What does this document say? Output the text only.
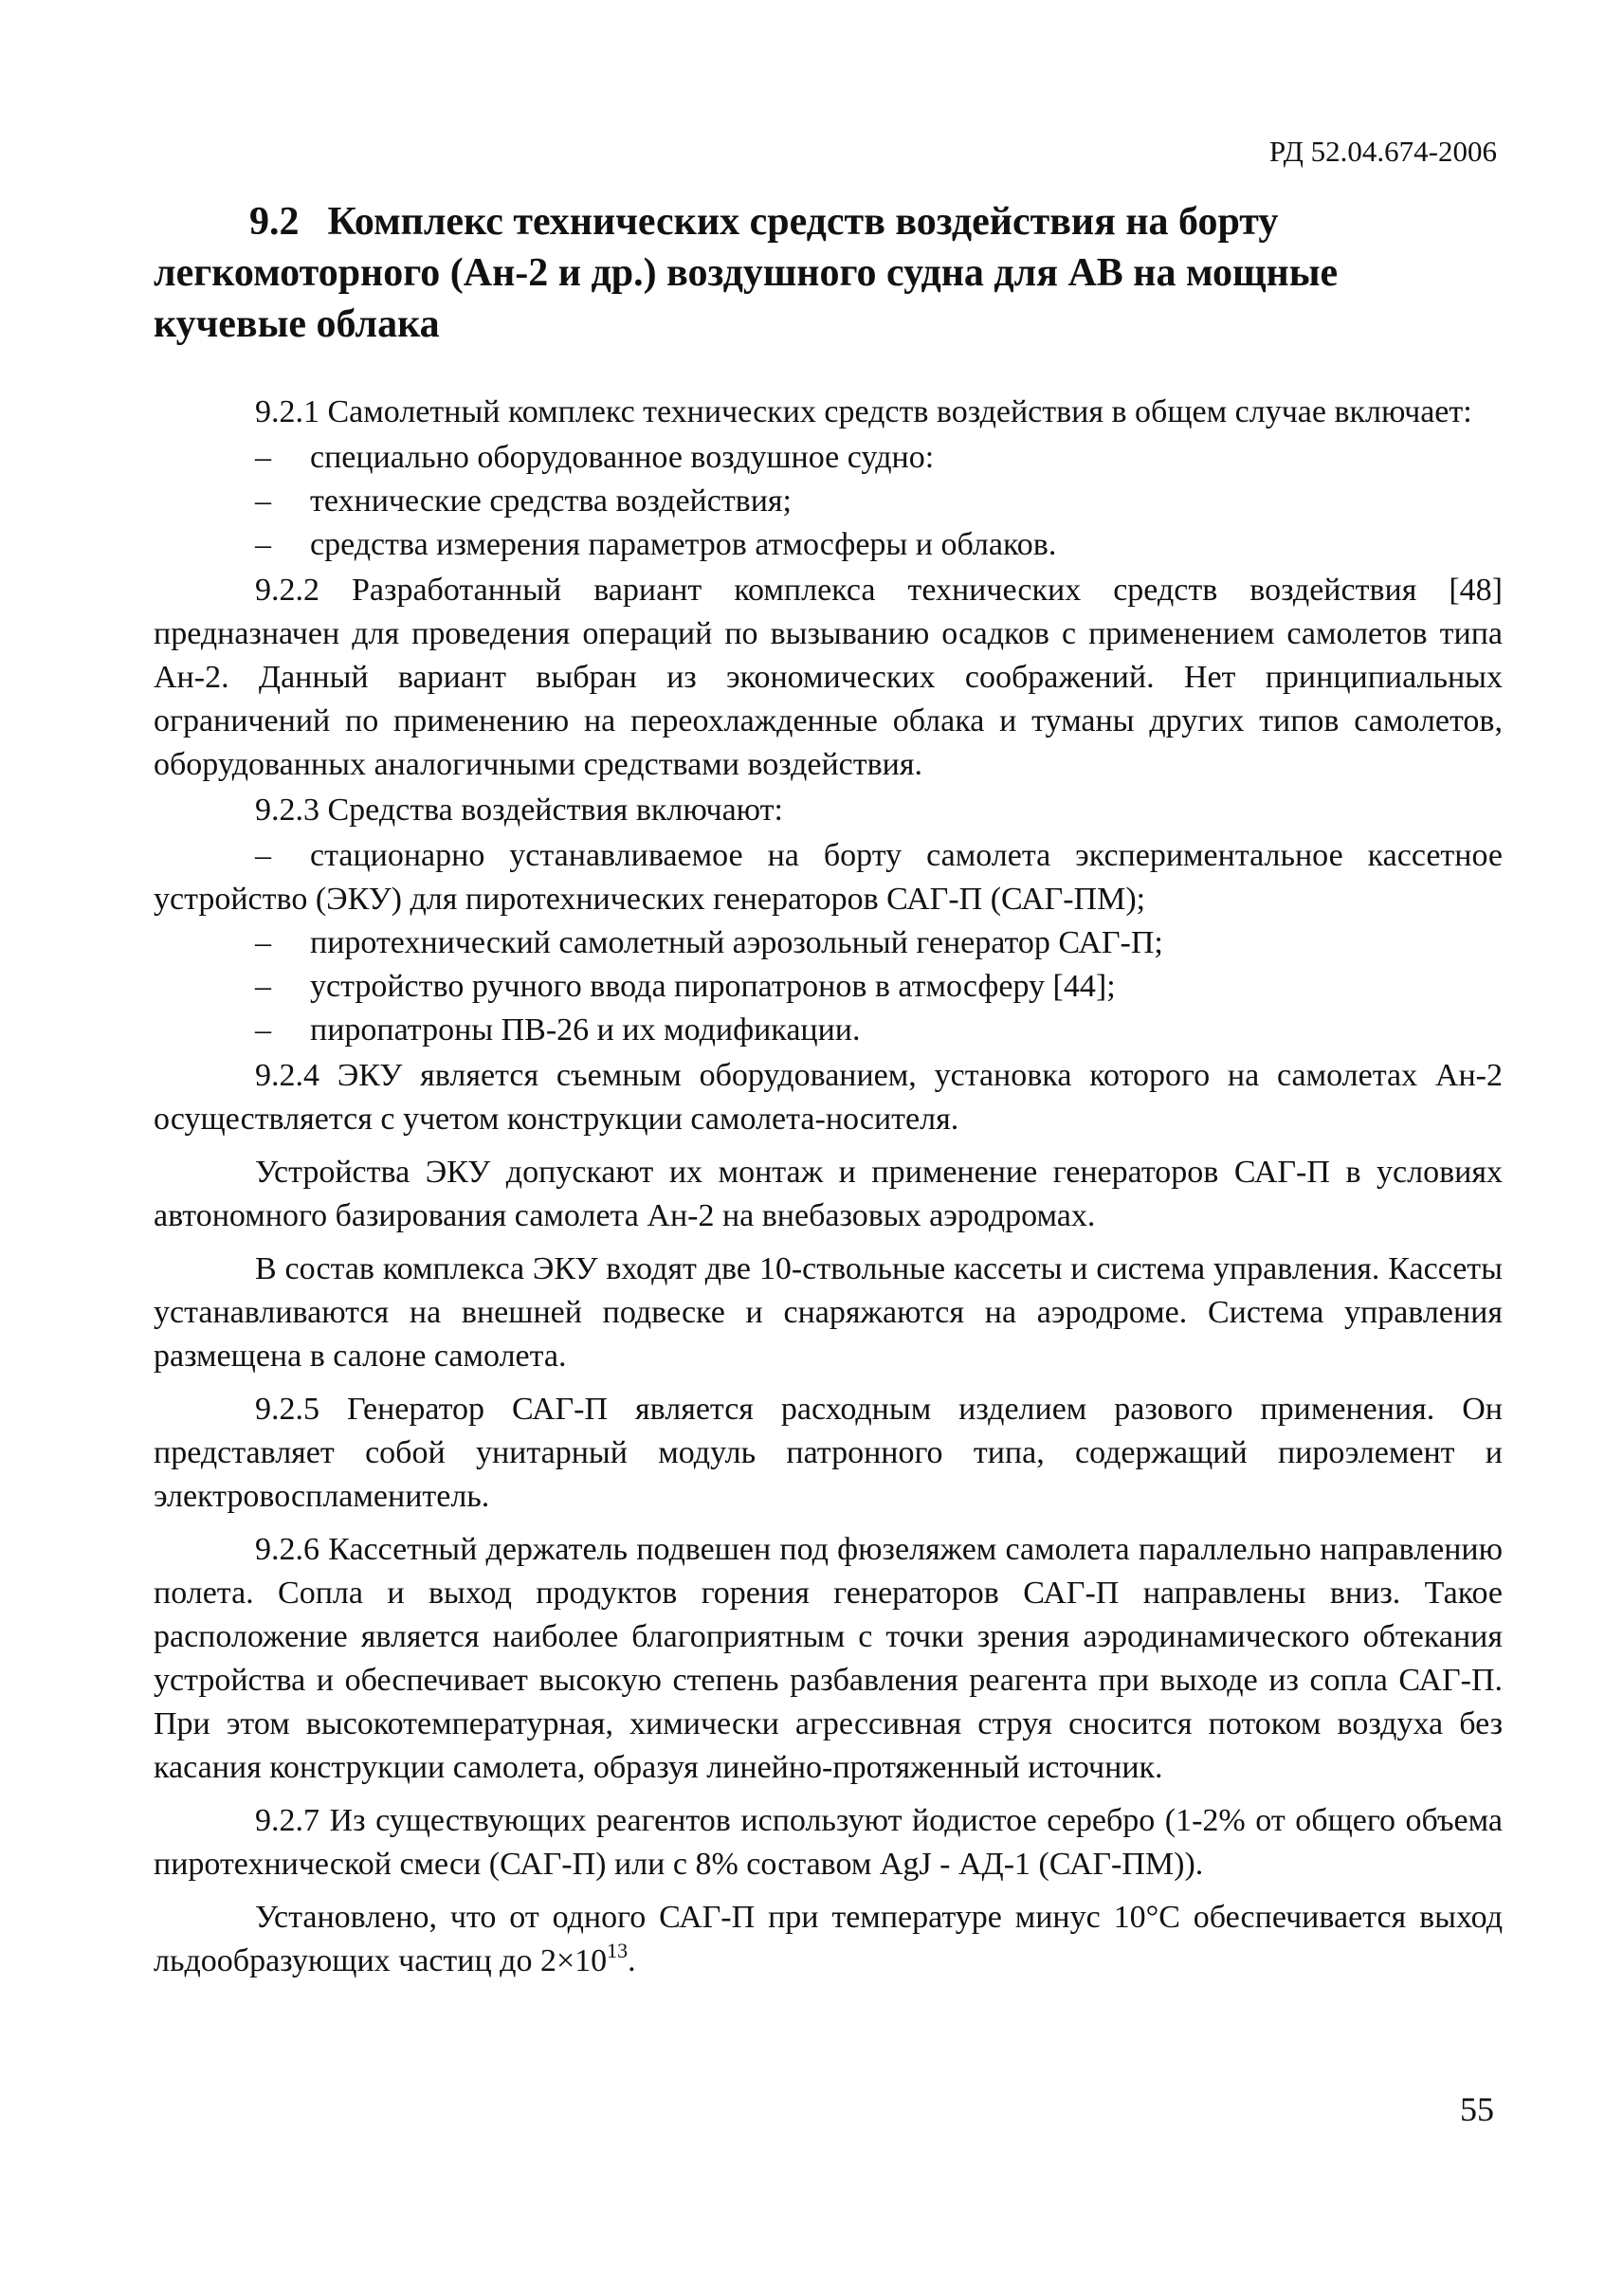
РД 52.04.674-2006
9.2 Комплекс технических средств воздействия на борту легкомоторного (Ан-2 и др.) воздушного судна для АВ на мощные кучевые облака

9.2.1 Самолетный комплекс технических средств воздействия в общем случае включает:

– специально оборудованное воздушное судно:
– технические средства воздействия;
– средства измерения параметров атмосферы и облаков.

9.2.2 Разработанный вариант комплекса технических средств воздействия [48] предназначен для проведения операций по вызыванию осадков с применением самолетов типа Ан-2. Данный вариант выбран из экономических соображений. Нет принципиальных ограничений по применению на переохлажденные облака и туманы других типов самолетов, оборудованных аналогичными средствами воздействия.

9.2.3 Средства воздействия включают:

– стационарно устанавливаемое на борту самолета экспериментальное кассетное устройство (ЭКУ) для пиротехнических генераторов САГ-П (САГ-ПМ);
– пиротехнический самолетный аэрозольный генератор САГ-П;
– устройство ручного ввода пиропатронов в атмосферу [44];
– пиропатроны ПВ-26 и их модификации.

9.2.4 ЭКУ является съемным оборудованием, установка которого на самолетах Ан-2 осуществляется с учетом конструкции самолета-носителя.

Устройства ЭКУ допускают их монтаж и применение генераторов САГ-П в условиях автономного базирования самолета Ан-2 на внебазовых аэродромах.

В состав комплекса ЭКУ входят две 10-ствольные кассеты и система управления. Кассеты устанавливаются на внешней подвеске и снаряжаются на аэродроме. Система управления размещена в салоне самолета.

9.2.5 Генератор САГ-П является расходным изделием разового применения. Он представляет собой унитарный модуль патронного типа, содержащий пироэлемент и электровоспламенитель.

9.2.6 Кассетный держатель подвешен под фюзеляжем самолета параллельно направлению полета. Сопла и выход продуктов горения генераторов САГ-П направлены вниз. Такое расположение является наиболее благоприятным с точки зрения аэродинамического обтекания устройства и обеспечивает высокую степень разбавления реагента при выходе из сопла САГ-П. При этом высокотемпературная, химически агрессивная струя сносится потоком воздуха без касания конструкции самолета, образуя линейно-протяженный источник.

9.2.7 Из существующих реагентов используют йодистое серебро (1-2% от общего объема пиротехнической смеси (САГ-П) или с 8% составом AgJ - АД-1 (САГ-ПМ)).

Установлено, что от одного САГ-П при температуре минус 10°С обеспечивается выход льдообразующих частиц до $2\times 10^{13}$.

55
